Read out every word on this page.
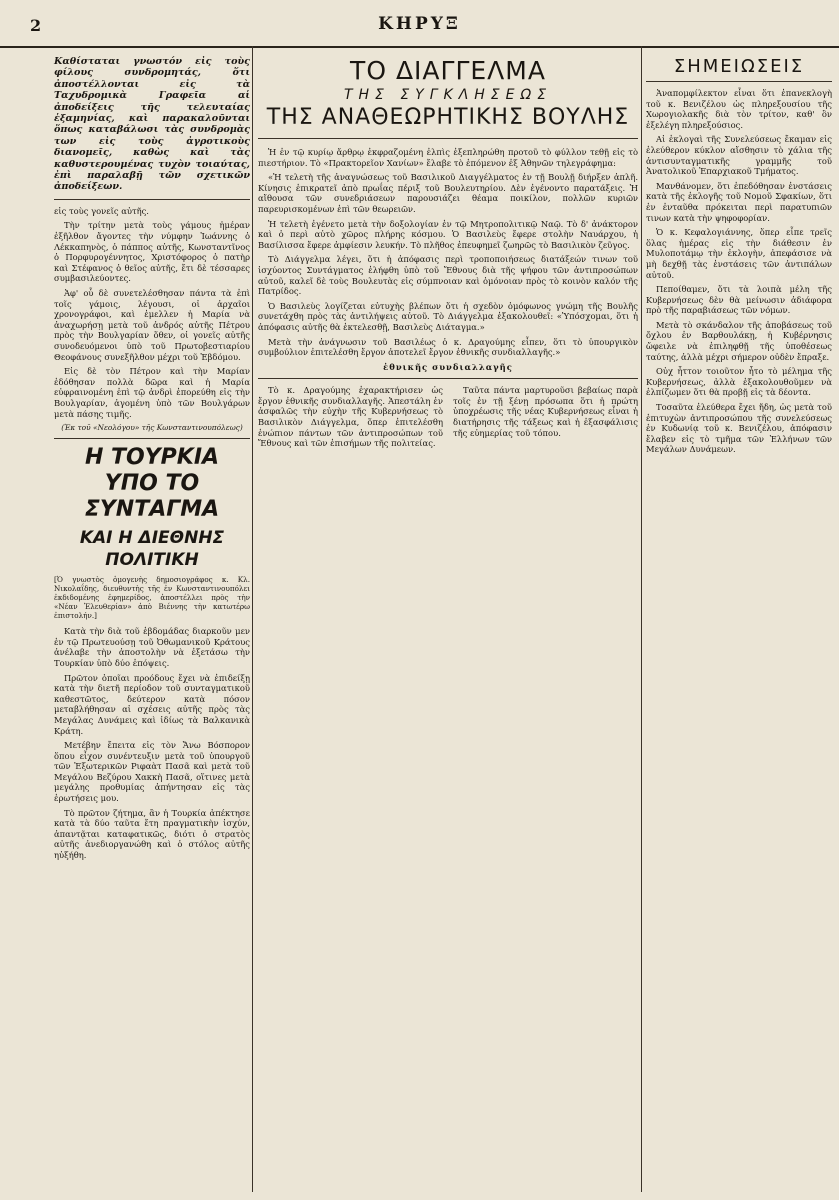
2	ΚΗΡΥΞ

Καθίσταται γνωστόν εἰς τοὺς φίλους συνδρομητάς, ὅτι ἀποστέλλονται εἰς τὰ Ταχυδρομικὰ Γραφεῖα αἱ ἀποδείξεις τῆς τελευταίας ἑξαμηνίας, καὶ παρακαλοῦνται ὅπως καταβάλωσι τὰς συνδρομὰς των εἰς τοὺς ἀγροτικοὺς διανομεῖς, καθὼς καὶ τὰς καθυστερουμένας τυχὸν τοιαύτας, ἐπὶ παραλαβῇ τῶν σχετικῶν ἀποδείξεων.

εἰς τοὺς γονεῖς αὐτῆς.

Τὴν τρίτην μετὰ τοὺς γάμους ἡμέραν ἐξῆλθον ἄγοντες τὴν νύμφην Ἰωάννης ὁ Λέκκαπηνὸς, ὁ πάππος αὐτῆς, Κωνσταντῖνος ὁ Πορφυρογέννητος, Χριστόφορος ὁ πατὴρ καὶ Στέφανος ὁ θεῖος αὐτῆς, ἔτι δὲ τέσσαρες συμβασιλεύοντες.

Ἀφ' οὗ δὲ συνετελέσθησαν πάντα τὰ ἐπὶ τοῖς γάμοις, λέγουσι, οἱ ἀρχαῖοι χρονογράφοι, καὶ ἐμελλεν ἡ Μαρία νὰ ἀναχωρήσῃ μετὰ τοῦ ἀνδρός αὐτῆς Πέτρου πρὸς τὴν Βουλγαρίαν ὅθεν, οἱ γονεῖς αὐτῆς συνοδευόμενοι ὑπὸ τοῦ Πρωτοβεστιαρίου Θεοφάνους συνεξῆλθον μέχρι τοῦ Ἑβδόμου.

Εἰς δὲ τὸν Πέτρον καὶ τὴν Μαρίαν ἐδόθησαν πολλὰ δῶρα καὶ ἡ Μαρία εὐφραινομένη ἐπὶ τῷ ἀνδρὶ ἐπορεύθη εἰς τὴν Βουλγαρίαν, ἀγομένη ὑπὸ τῶν Βουλγάρων μετὰ πάσης τιμῆς.

(Ἐκ τοῦ «Νεολόγου» τῆς Κωνσταντινουπόλεως)

Η ΤΟΥΡΚΙΑ
ΥΠΟ ΤΟ ΣΥΝΤΑΓΜΑ
ΚΑΙ Η ΔΙΕΘΝΗΣ ΠΟΛΙΤΙΚΗ

[Ὁ γνωστὸς ὁμογενὴς δημοσιογράφος κ. Κλ. Νικολαΐδης, διευθυντὴς τῆς ἐν Κωνσταντινουπόλει ἐκδιδομένης ἐφημερίδος, ἀποστέλλει πρὸς τὴν «Νέαν Ἐλευθερίαν» ἀπὸ Βιέννης τὴν κατωτέρω ἐπιστολήν.]

Κατὰ τὴν διὰ τοῦ ἑβδομάδας διαρκοῦν μεν ἐν τῷ Πρωτευούσῃ τοῦ Ὀθωμανικοῦ Κράτους ἀνέλαβε τὴν ἀποστολὴν νὰ ἐξετάσω τὴν Τουρκίαν ὑπὸ δύο ἐπόψεις.

Πρῶτον ὁποῖαι προόδους ἔχει νὰ ἐπιδείξῃ κατὰ τὴν διετῆ περίοδον τοῦ συνταγματικοῦ καθεστῶτος, δεύτερον κατὰ πόσον μεταβλήθησαν αἱ σχέσεις αὐτῆς πρὸς τὰς Μεγάλας Δυνάμεις καὶ ἰδίως τὰ Βαλκανικὰ Κράτη.

Μετέβην ἔπειτα εἰς τὸν Ἄνω Βόσπορον ὅπου εἶχον συνέντευξιν μετὰ τοῦ ὑπουργοῦ τῶν Ἐξωτερικῶν Ριφαὰτ Πασᾶ καὶ μετὰ τοῦ Μεγάλου Βεζύρου Χακκὴ Πασᾶ, οἵτινες μετὰ μεγάλης προθυμίας ἀπήντησαν εἰς τὰς ἐρωτήσεις μου.

Τὸ πρῶτον ζήτημα, ἂν ἡ Τουρκία ἀπέκτησε κατὰ τὰ δύο ταῦτα ἔτη πραγματικὴν ἰσχύν, ἀπαντᾷται καταφατικῶς, διότι ὁ στρατὸς αὐτῆς ἀνεδιοργανώθη καὶ ὁ στόλος αὐτῆς ηὐξήθη.

ΤΟ ΔΙΑΓΓΕΛΜΑ
ΤΗΣ ΣΥΓΚΛΗΣΕΩΣ
ΤΗΣ ΑΝΑΘΕΩΡΗΤΙΚΗΣ ΒΟΥΛΗΣ

Ἡ ἐν τῷ κυρίῳ ἄρθρῳ ἐκφραζομένη ἐλπὶς ἐξεπληρώθη προτοῦ τὸ φύλλον τεθῇ εἰς τὸ πιεστήριον. Τὸ «Πρακτορεῖον Χανίων» ἔλαβε τὸ ἐπόμενον ἐξ Ἀθηνῶν τηλεγράφημα:

«Ἡ τελετὴ τῆς ἀναγνώσεως τοῦ Βασιλικοῦ Διαγγέλματος ἐν τῇ Βουλῇ διήρξεν ἀπλῆ. Κίνησις ἐπικρατεῖ ἀπὸ πρωΐας πέριξ τοῦ Βουλευτηρίου. Δὲν ἐγένοντο παρατάξεις. Ἡ αἴθουσα τῶν συνεδριάσεων παρουσιάζει θέαμα ποικίλον, πολλῶν κυριῶν παρευρισκομένων ἐπὶ τῶν θεωρειῶν.

Ἡ τελετὴ ἐγένετο μετὰ τὴν δοξολογίαν ἐν τῷ Μητροπολιτικῷ Ναῷ. Τὸ δ' ἀνάκτορον καὶ ὁ περὶ αὐτὸ χῶρος πλήρης κόσμου. Ὁ Βασιλεὺς ἔφερε στολὴν Ναυάρχου, ἡ Βασίλισσα ἔφερε ἀμφίεσιν λευκήν. Τὸ πλῆθος ἐπευφημεῖ ζωηρῶς τὸ Βασιλικὸν ζεῦγος.

Τὸ Διάγγελμα λέγει, ὅτι ἡ ἀπόφασις περὶ τροποποιήσεως διατάξεών τινων τοῦ ἰσχύοντος Συντάγματος ἐλήφθη ὑπὸ τοῦ Ἔθνους διὰ τῆς ψήφου τῶν ἀντιπροσώπων αὐτοῦ, καλεῖ δὲ τοὺς Βουλευτὰς εἰς σύμπνοιαν καὶ ὁμόνοιαν πρὸς τὸ κοινὸν καλόν τῆς Πατρίδος.

Ὁ Βασιλεὺς λογίζεται εὐτυχὴς βλέπων ὅτι ἡ σχεδὸν ὁμόφωνος γνώμη τῆς Βουλῆς συνετάχθη πρὸς τὰς ἀντιλήψεις αὐτοῦ. Τὸ Διάγγελμα ἐξακολουθεῖ: «Ὑπόσχομαι, ὅτι ἡ ἀπόφασις αὐτῆς θὰ ἐκτελεσθῇ, Βασιλεὺς Διάταγμα.»

Μετὰ τὴν ἀνάγνωσιν τοῦ Βασιλέως ὁ κ. Δραγούμης εἶπεν, ὅτι τὸ ὑπουργικὸν συμβούλιον ἐπιτελέσθη ἔργον ἀποτελεῖ ἔργον ἐθνικῆς συνδιαλλαγῆς.»

ἐθνικῆς συνδιαλλαγῆς

Τὸ κ. Δραγούμης ἐχαρακτήρισεν ὡς ἔργον ἐθνικῆς συνδιαλλαγῆς. Ἀπεστάλη ἐν ἀσφαλῶς τὴν εὐχὴν τῆς Κυβερνήσεως τὸ Βασιλικὸν Διάγγελμα, ὅπερ ἐπιτελέσθη ἐνώπιον πάντων τῶν ἀντιπροσώπων τοῦ Ἔθνους καὶ τῶν ἐπισήμων τῆς πολιτείας.

Ταῦτα πάντα μαρτυροῦσι βεβαίως παρὰ τοῖς ἐν τῇ ξένῃ πρόσωπα ὅτι ἡ πρώτη ὑποχρέωσις τῆς νέας Κυβερνήσεως εἶναι ἡ διατήρησις τῆς τάξεως καὶ ἡ ἐξασφάλισις τῆς εὐημερίας τοῦ τόπου.

ΣΗΜΕΙΩΣΕΙΣ

Ἀναπομφίλεκτον εἶναι ὅτι ἐπανεκλογὴ τοῦ κ. Βενιζέλου ὡς πληρεξουσίου τῆς Χωρογιολακῆς διὰ τὸν τρίτον, καθ' ὃν ἐξελέγη πληρεξούσιος.

Αἱ ἐκλογαὶ τῆς Συνελεύσεως ἔκαμαν εἰς ἐλεύθερον κύκλον αἴσθησιν τὸ χάλια τῆς ἀντισυνταγματικῆς γραμμῆς τοῦ Ἀνατολικοῦ Ἐπαρχιακοῦ Τμήματος.

Μανθάνομεν, ὅτι ἐπεδόθησαν ἐνστάσεις κατὰ τῆς ἐκλογῆς τοῦ Νομοῦ Σφακίων, ὅτι ἐν ἐνταῦθα πρόκειται περὶ παρατυπιῶν τινων κατὰ τὴν ψηφοφορίαν.

Ὁ κ. Κεφαλογιάννης, ὅπερ εἶπε τρεῖς ὅλας ἡμέρας εἰς τὴν διάθεσιν ἐν Μυλοποτάμῳ τὴν ἐκλογὴν, ἀπεφάσισε νὰ μὴ δεχθῇ τὰς ἐνστάσεις τῶν ἀντιπάλων αὐτοῦ.

Πεποίθαμεν, ὅτι τὰ λοιπὰ μέλη τῆς Κυβερνήσεως δὲν θὰ μείνωσιν ἀδιάφορα πρὸ τῆς παραβιάσεως τῶν νόμων.

Μετὰ τὸ σκάνδαλον τῆς ἀποβάσεως τοῦ ὄχλου ἐν Βαρθουλάκῃ, ἡ Κυβέρνησις ὤφειλε νὰ ἐπιληφθῇ τῆς ὑποθέσεως ταύτης, ἀλλὰ μέχρι σήμερον οὐδὲν ἔπραξε.

Οὐχ ἧττον τοιοῦτον ἦτο τὸ μέλημα τῆς Κυβερνήσεως, ἀλλὰ ἐξακολουθοῦμεν νὰ ἐλπίζωμεν ὅτι θὰ προβῇ εἰς τὰ δέοντα.

Τοσαῦτα ἐλεύθερα ἔχει ἤδη, ὡς μετὰ τοῦ ἐπιτυχὼν ἀντιπροσώπου τῆς συνελεύσεως ἐν Κυδωνίᾳ τοῦ κ. Βενιζέλου, ἀπόφασιν ἔλαβεν εἰς τὸ τμῆμα τῶν Ἐλλήνων τῶν Μεγάλων Δυνάμεων.
